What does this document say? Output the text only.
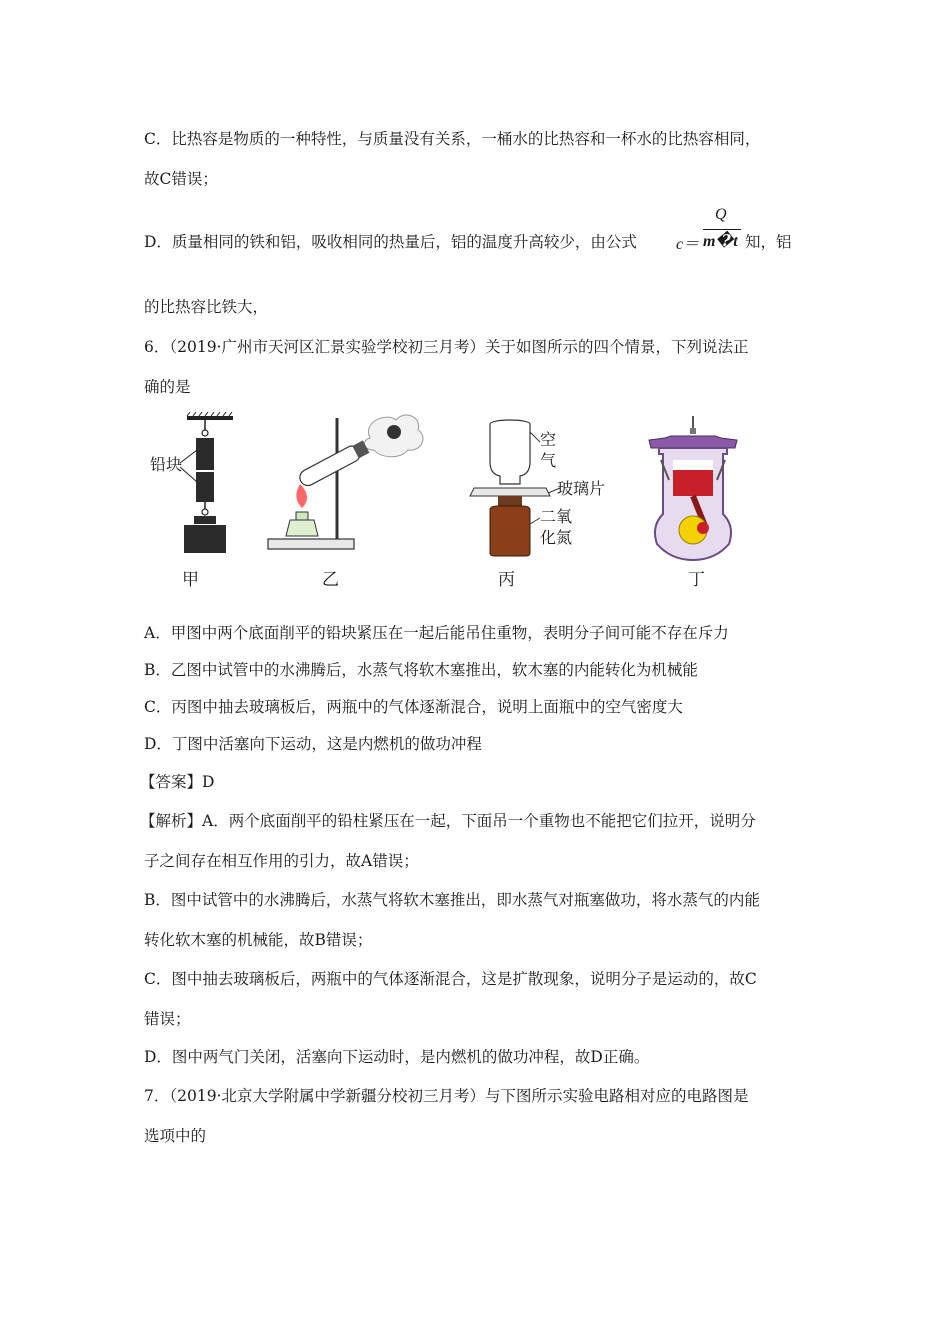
C．比热容是物质的一种特性，与质量没有关系，一桶水的比热容和一杯水的比热容相同，
故C错误；
D．质量相同的铁和铝，吸收相同的热量后，铝的温度升高较少，由公式 c＝
Q
m�t 知，铝
的比热容比铁大，
6．（2019·广州市天河区汇景实验学校初三月考）关于如图所示的四个情景，下列说法正
确的是
铅块
空
气
玻璃片
二氧
化氮
甲	乙	丙	丁
A．甲图中两个底面削平的铅块紧压在一起后能吊住重物，表明分子间可能不存在斥力
B．乙图中试管中的水沸腾后，水蒸气将软木塞推出，软木塞的内能转化为机械能
C．丙图中抽去玻璃板后，两瓶中的气体逐渐混合，说明上面瓶中的空气密度大
D．丁图中活塞向下运动，这是内燃机的做功冲程
【答案】D
【解析】A．两个底面削平的铅柱紧压在一起，下面吊一个重物也不能把它们拉开，说明分
子之间存在相互作用的引力，故A错误；
B．图中试管中的水沸腾后，水蒸气将软木塞推出，即水蒸气对瓶塞做功，将水蒸气的内能
转化软木塞的机械能，故B错误；
C．图中抽去玻璃板后，两瓶中的气体逐渐混合，这是扩散现象，说明分子是运动的，故C
错误；
D．图中两气门关闭，活塞向下运动时，是内燃机的做功冲程，故D正确。
7．（2019·北京大学附属中学新疆分校初三月考）与下图所示实验电路相对应的电路图是
选项中的
